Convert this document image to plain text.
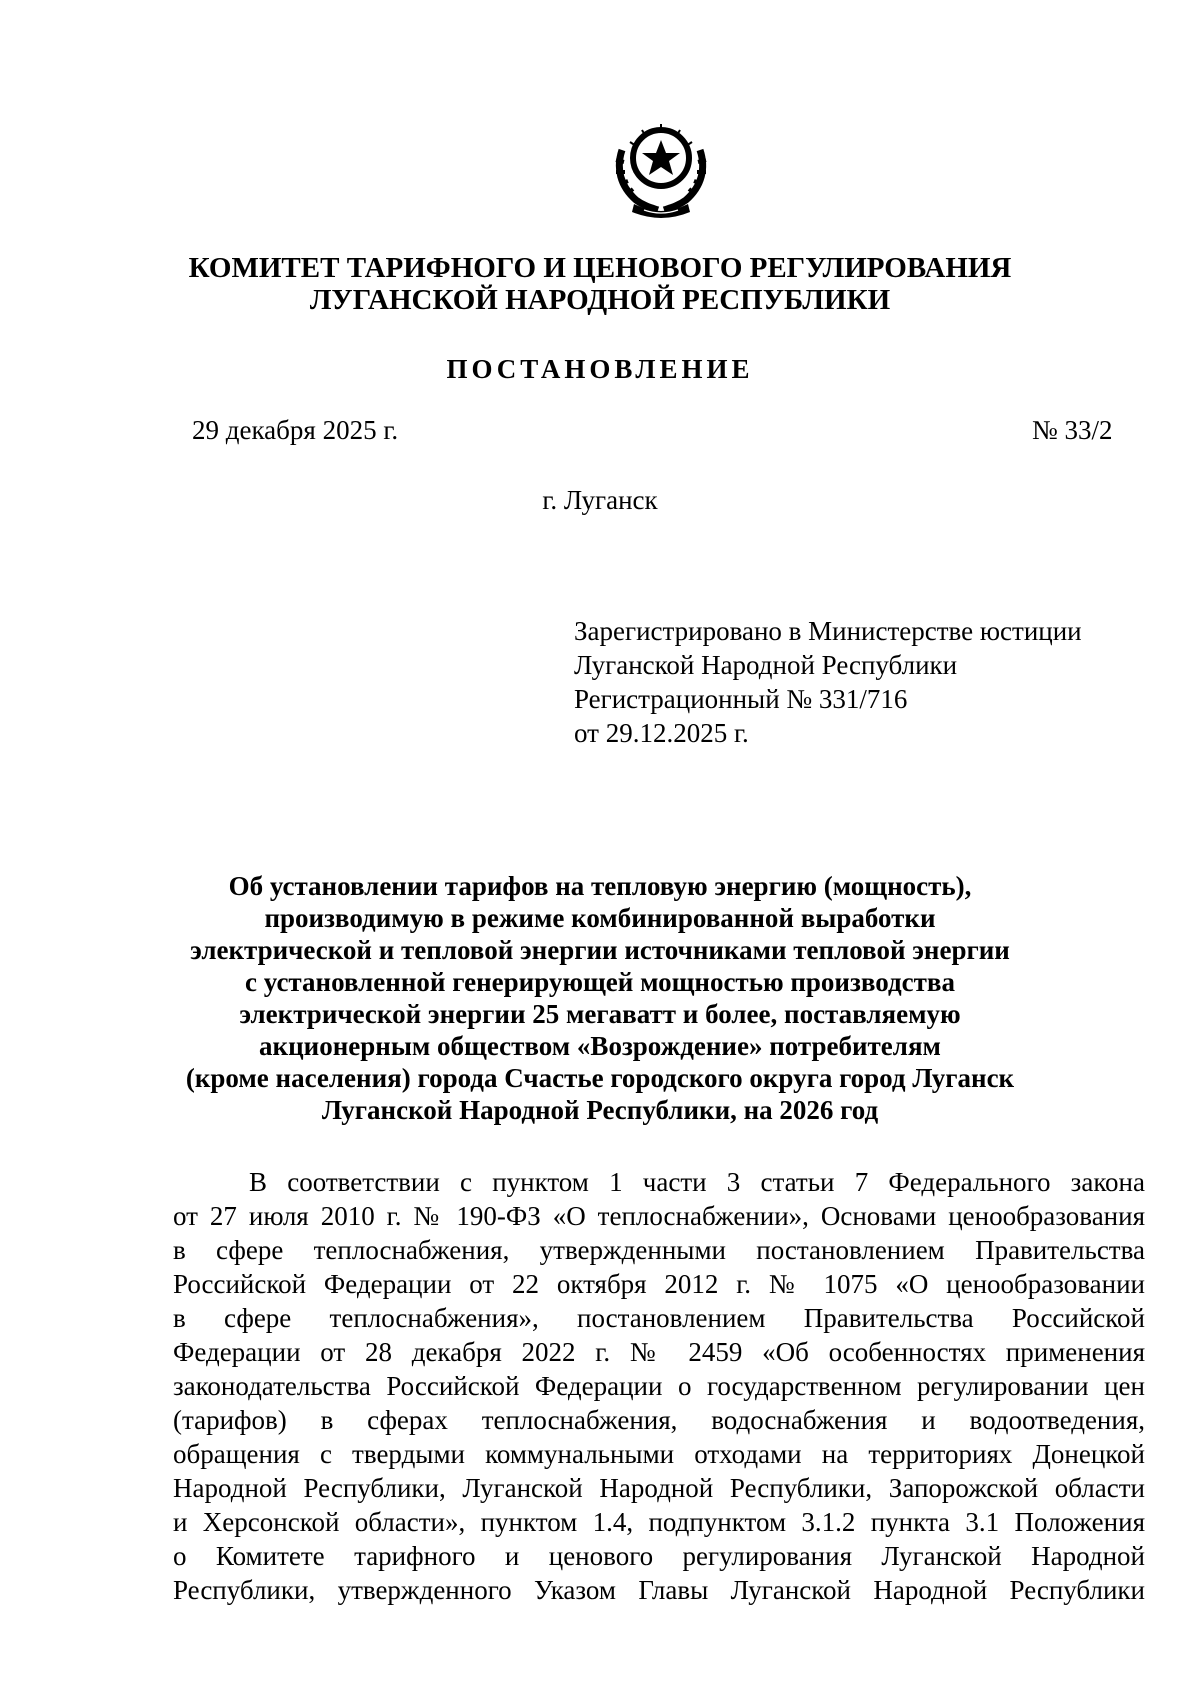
КОМИТЕТ ТАРИФНОГО И ЦЕНОВОГО РЕГУЛИРОВАНИЯ
ЛУГАНСКОЙ НАРОДНОЙ РЕСПУБЛИКИ
ПОСТАНОВЛЕНИЕ
29 декабря 2025 г.	№ 33/2
г. Луганск
Зарегистрировано в Министерстве юстиции
Луганской Народной Республики
Регистрационный № 331/716
от 29.12.2025 г.
Об установлении тарифов на тепловую энергию (мощность),
производимую в режиме комбинированной выработки
электрической и тепловой энергии источниками тепловой энергии
с установленной генерирующей мощностью производства
электрической энергии 25 мегаватт и более, поставляемую
акционерным обществом «Возрождение» потребителям
(кроме населения) города Счастье городского округа город Луганск
Луганской Народной Республики, на 2026 год
В соответствии с пунктом 1 части 3 статьи 7 Федерального закона
от 27 июля 2010 г. № 190-ФЗ «О теплоснабжении», Основами ценообразования
в сфере теплоснабжения, утвержденными постановлением Правительства
Российской Федерации от 22 октября 2012 г. № 1075 «О ценообразовании
в сфере теплоснабжения», постановлением Правительства Российской
Федерации от 28 декабря 2022 г. № 2459 «Об особенностях применения
законодательства Российской Федерации о государственном регулировании цен
(тарифов) в сферах теплоснабжения, водоснабжения и водоотведения,
обращения с твердыми коммунальными отходами на территориях Донецкой
Народной Республики, Луганской Народной Республики, Запорожской области
и Херсонской области», пунктом 1.4, подпунктом 3.1.2 пункта 3.1 Положения
о Комитете тарифного и ценового регулирования Луганской Народной
Республики, утвержденного Указом Главы Луганской Народной Республики
